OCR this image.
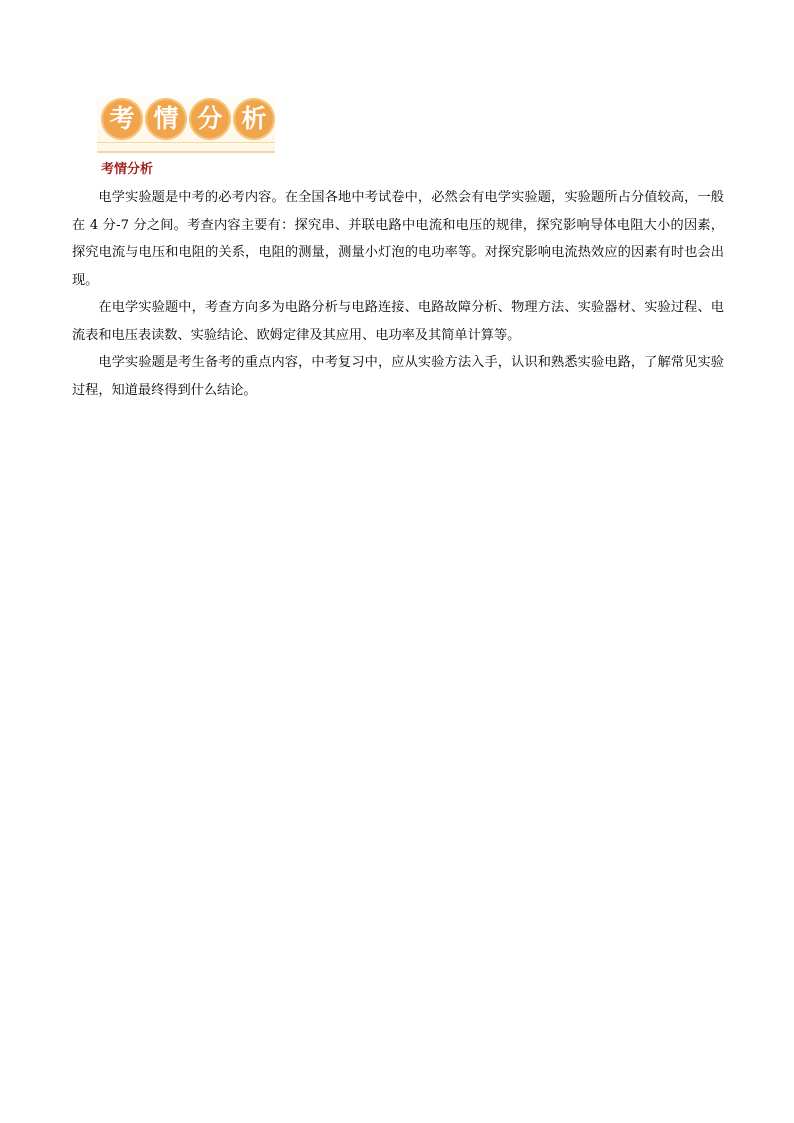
考 情 分 析
考情分析

电学实验题是中考的必考内容。在全国各地中考试卷中，必然会有电学实验题，实验题所占分值较高，一般在 4 分-7 分之间。考查内容主要有：探究串、并联电路中电流和电压的规律，探究影响导体电阻大小的因素，探究电流与电压和电阻的关系，电阻的测量，测量小灯泡的电功率等。对探究影响电流热效应的因素有时也会出现。

在电学实验题中，考查方向多为电路分析与电路连接、电路故障分析、物理方法、实验器材、实验过程、电流表和电压表读数、实验结论、欧姆定律及其应用、电功率及其简单计算等。

电学实验题是考生备考的重点内容，中考复习中，应从实验方法入手，认识和熟悉实验电路，了解常见实验过程，知道最终得到什么结论。
